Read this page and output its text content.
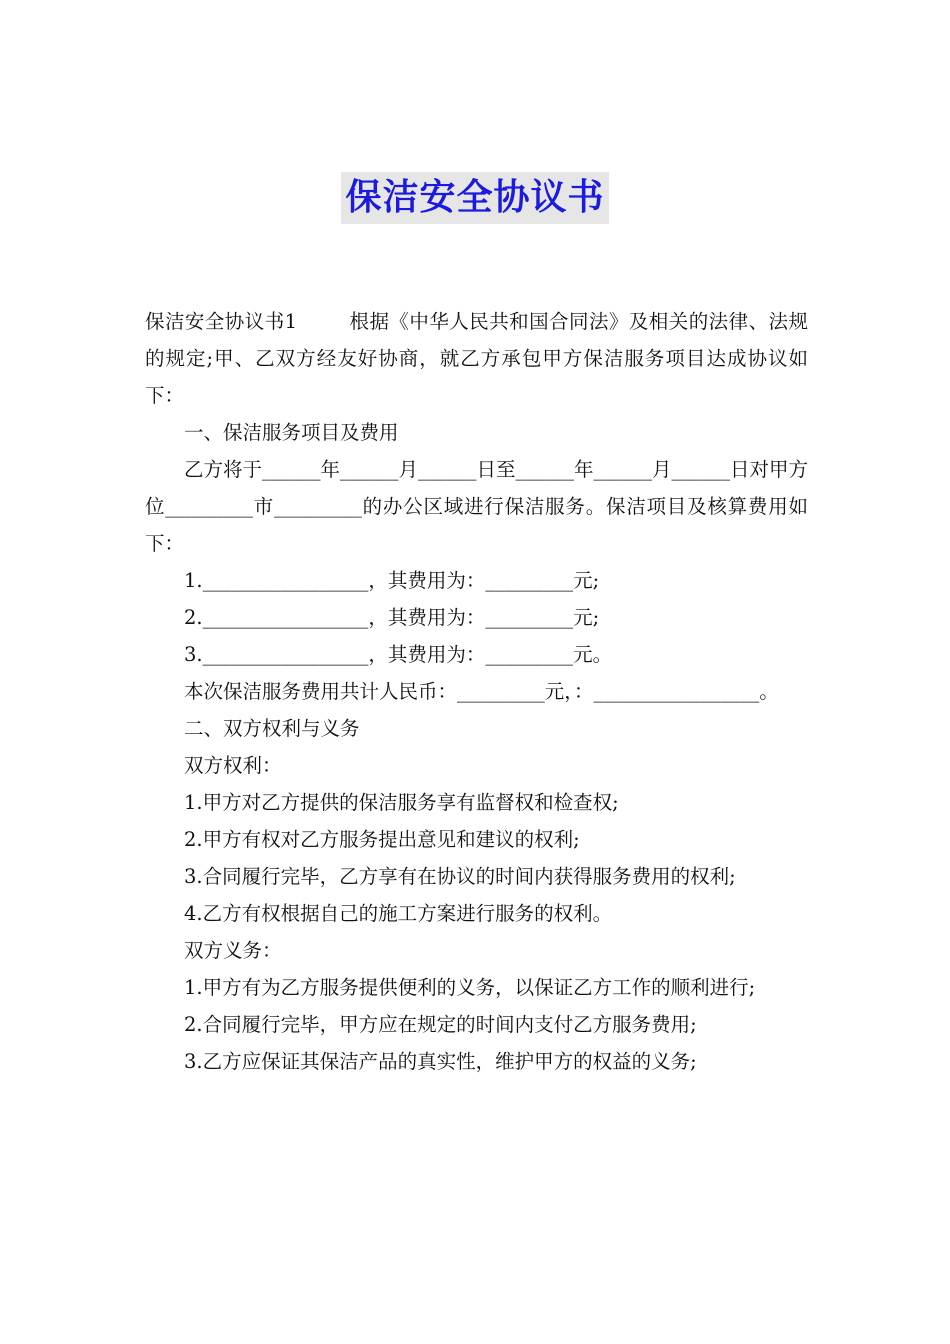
保洁安全协议书

保洁安全协议书1	根据《中华人民共和国合同法》及相关的法律、法规的规定;甲、乙双方经友好协商，就乙方承包甲方保洁服务项目达成协议如下：

一、保洁服务项目及费用

乙方将于______年______月______日至______年______月______日对甲方位_________市_________的办公区域进行保洁服务。保洁项目及核算费用如下：

1._________________，其费用为：_________元;

2._________________，其费用为：_________元;

3._________________，其费用为：_________元。

本次保洁服务费用共计人民币：_________元，：_________________。

二、双方权利与义务

双方权利：

1.甲方对乙方提供的保洁服务享有监督权和检查权;

2.甲方有权对乙方服务提出意见和建议的权利;

3.合同履行完毕，乙方享有在协议的时间内获得服务费用的权利;

4.乙方有权根据自己的施工方案进行服务的权利。

双方义务：

1.甲方有为乙方服务提供便利的义务，以保证乙方工作的顺利进行;

2.合同履行完毕，甲方应在规定的时间内支付乙方服务费用;

3.乙方应保证其保洁产品的真实性，维护甲方的权益的义务;
